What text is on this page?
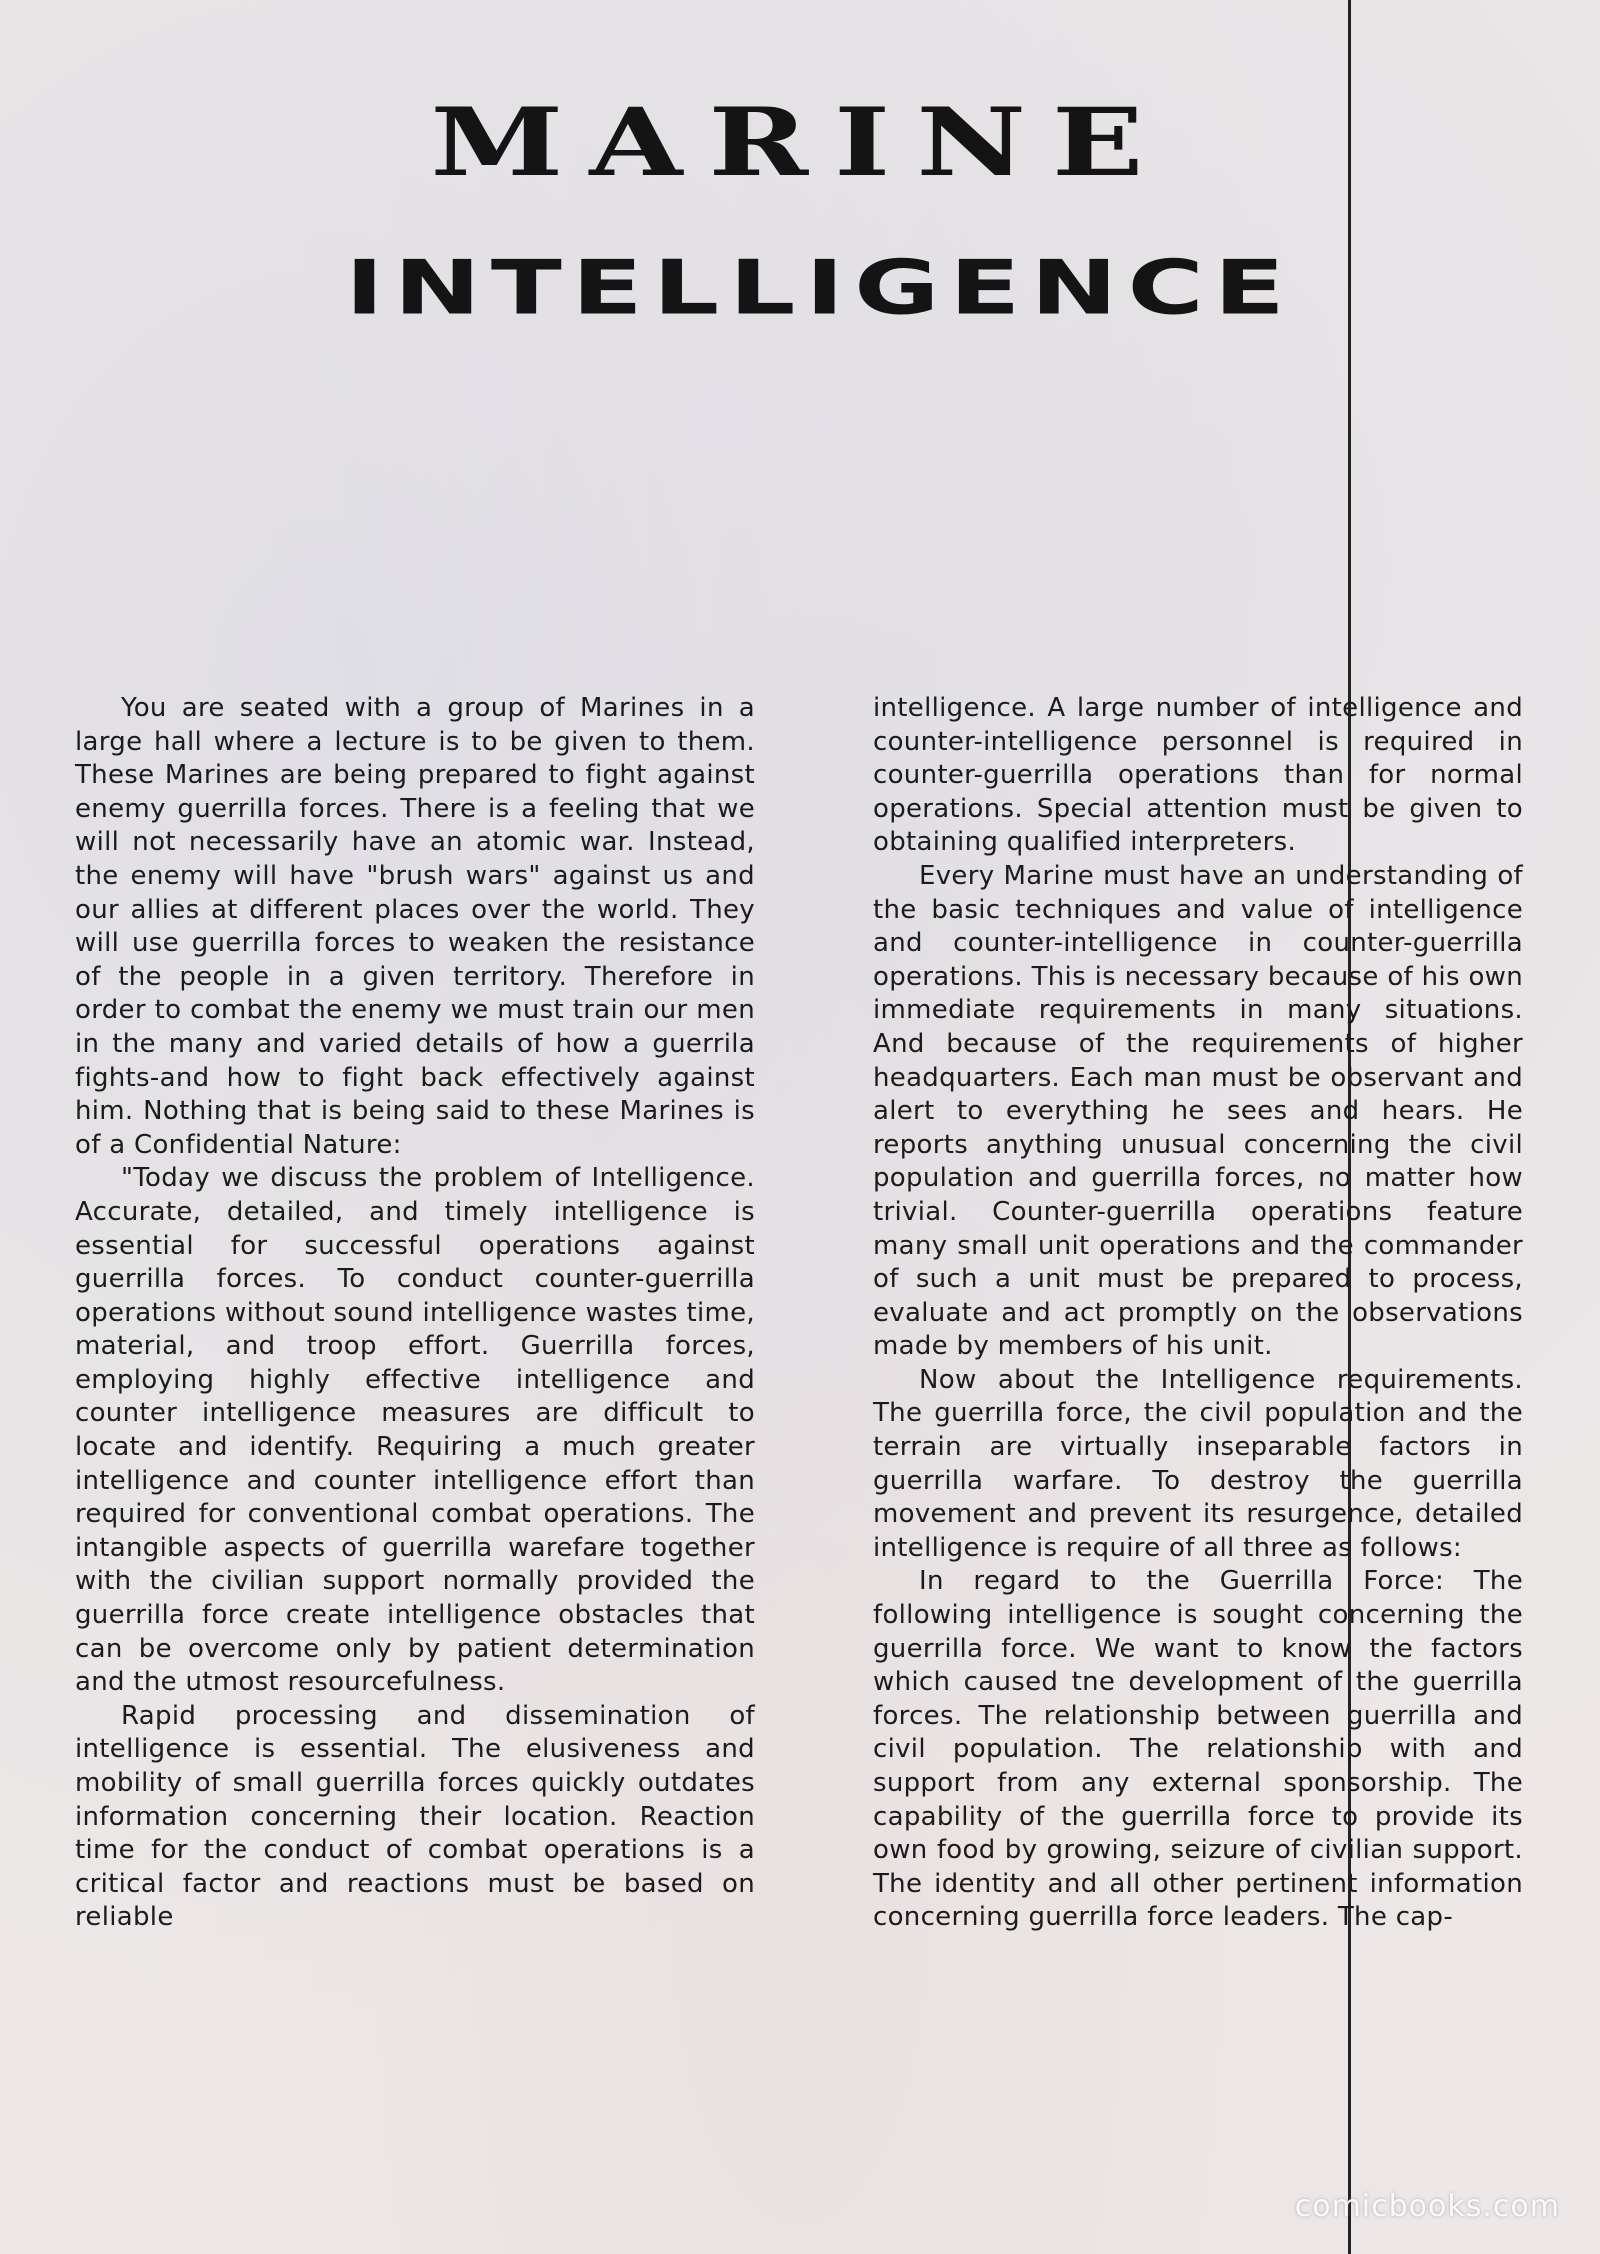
MARINE
INTELLIGENCE

You are seated with a group of Marines in a large hall where a lecture is to be given to them. These Marines are being prepared to fight against enemy guerrilla forces. There is a feeling that we will not necessarily have an atomic war. Instead, the enemy will have "brush wars" against us and our allies at different places over the world. They will use guerrilla forces to weaken the resistance of the people in a given territory. Therefore in order to combat the enemy we must train our men in the many and varied details of how a guerrila fights-and how to fight back effectively against him. Nothing that is being said to these Marines is of a Confidential Nature:

"Today we discuss the problem of Intelligence. Accurate, detailed, and timely intelligence is essential for successful operations against guerrilla forces. To conduct counter-guerrilla operations without sound intelligence wastes time, material, and troop effort. Guerrilla forces, employing highly effective intelligence and counter intelligence measures are difficult to locate and identify. Requiring a much greater intelligence and counter intelligence effort than required for conventional combat operations. The intangible aspects of guerrilla warefare together with the civilian support normally provided the guerrilla force create intelligence obstacles that can be overcome only by patient determination and the utmost resourcefulness.

Rapid processing and dissemination of intelligence is essential. The elusiveness and mobility of small guerrilla forces quickly outdates information concerning their location. Reaction time for the conduct of combat operations is a critical factor and reactions must be based on reliable

intelligence. A large number of intelligence and counter-intelligence personnel is required in counter-guerrilla operations than for normal operations. Special attention must be given to obtaining qualified interpreters.

Every Marine must have an understanding of the basic techniques and value of intelligence and counter-intelligence in counter-guerrilla operations. This is necessary because of his own immediate requirements in many situations. And because of the requirements of higher headquarters. Each man must be observant and alert to everything he sees and hears. He reports anything unusual concerning the civil population and guerrilla forces, no matter how trivial. Counter-guerrilla operations feature many small unit operations and the commander of such a unit must be prepared to process, evaluate and act promptly on the observations made by members of his unit.

Now about the Intelligence requirements. The guerrilla force, the civil population and the terrain are virtually inseparable factors in guerrilla warfare. To destroy the guerrilla movement and prevent its resurgence, detailed intelligence is require of all three as follows:

In regard to the Guerrilla Force: The following intelligence is sought concerning the guerrilla force. We want to know the factors which caused tne development of the guerrilla forces. The relationship between guerrilla and civil population. The relationship with and support from any external sponsorship. The capability of the guerrilla force to provide its own food by growing, seizure of civilian support. The identity and all other pertinent information concerning guerrilla force leaders. The cap-

comicbooks.com
